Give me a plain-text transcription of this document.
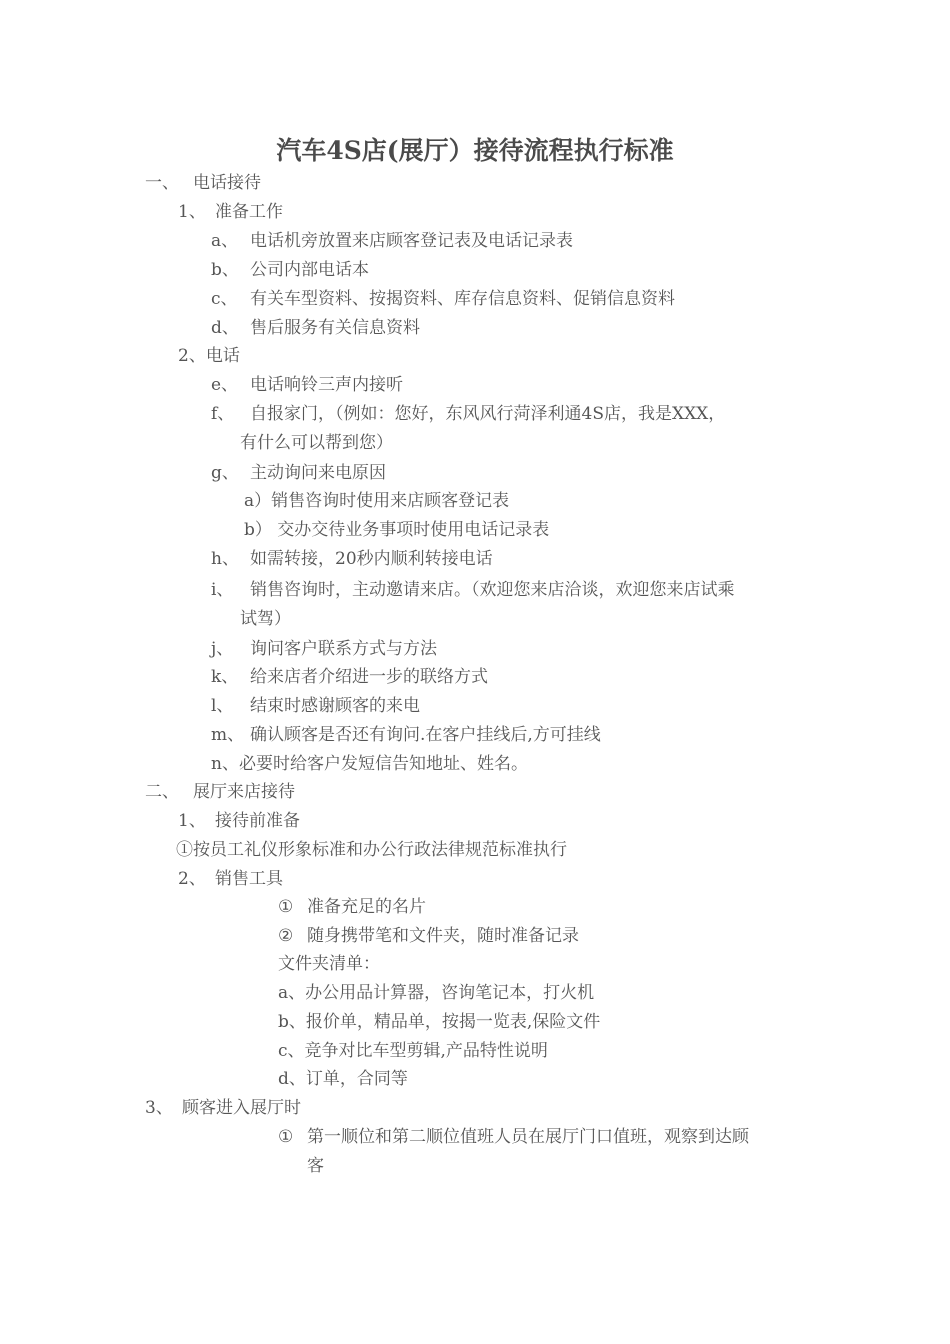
汽车4S店(展厅）接待流程执行标准
一、 电话接待
1、 准备工作
a、 电话机旁放置来店顾客登记表及电话记录表
b、 公司内部电话本
c、 有关车型资料、按揭资料、库存信息资料、促销信息资料
d、 售后服务有关信息资料
2、电话
e、 电话响铃三声内接听
f、 自报家门，（例如：您好，东风风行菏泽利通4S店，我是XXX，
有什么可以帮到您）
g、 主动询问来电原因
a）销售咨询时使用来店顾客登记表
b） 交办交待业务事项时使用电话记录表
h、 如需转接，20秒内顺利转接电话
i、 销售咨询时，主动邀请来店。（欢迎您来店洽谈，欢迎您来店试乘
试驾）
j、 询问客户联系方式与方法
k、 给来店者介绍进一步的联络方式
l、 结束时感谢顾客的来电
m、 确认顾客是否还有询问.在客户挂线后,方可挂线
n、必要时给客户发短信告知地址、姓名。
二、 展厅来店接待
1、 接待前准备
①按员工礼仪形象标准和办公行政法律规范标准执行
2、 销售工具
① 准备充足的名片
② 随身携带笔和文件夹，随时准备记录
文件夹清单：
a、办公用品计算器，咨询笔记本，打火机
b、报价单，精品单，按揭一览表,保险文件
c、竞争对比车型剪辑,产品特性说明
d、订单，合同等
3、 顾客进入展厅时
① 第一顺位和第二顺位值班人员在展厅门口值班，观察到达顾
客
